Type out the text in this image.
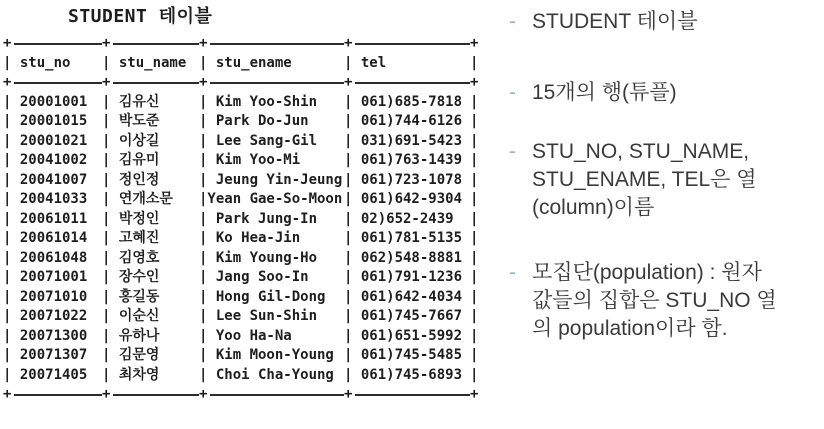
STUDENT 테이블
+	+	+	+	+
| stu_no	| stu_name | stu_ename	| tel	|
+	+	+	+	+
| 20001001	| 김유신	| Kim Yoo-Shin	| 061)685-7818 |
| 20001015	| 박도준	| Park Do-Jun	| 061)744-6126 |
| 20001021	| 이상길	| Lee Sang-Gil	| 031)691-5423 |
| 20041002	| 김유미	| Kim Yoo-Mi	| 061)763-1439 |
| 20041007	| 정인정	| Jeung Yin-Jeung | 061)723-1078 |
| 20041033	| 연개소문	|Yean Gae-So-Moon | 061)642-9304 |
| 20061011	| 박정인	| Park Jung-In	| 02)652-2439	|
| 20061014	| 고혜진	| Ko Hea-Jin	| 061)781-5135 |
| 20061048	| 김영호	| Kim Young-Ho	| 062)548-8881 |
| 20071001	| 장수인	| Jang Soo-In	| 061)791-1236 |
| 20071010	| 홍길동	| Hong Gil-Dong	| 061)642-4034 |
| 20071022	| 이순신	| Lee Sun-Shin	| 061)745-7667 |
| 20071300	| 유하나	| Yoo Ha-Na	| 061)651-5992 |
| 20071307	| 김문영	| Kim Moon-Young | 061)745-5485 |
| 20071405	| 최차영	| Choi Cha-Young | 061)745-6893 |
+	+	+	+	+
- STUDENT 테이블
- 15개의 행(튜플)
- STU_NO, STU_NAME, STU_ENAME, TEL은 열 (column)이름
- 모집단(population) : 원자 값들의 집합은 STU_NO 열의 population이라 함.
